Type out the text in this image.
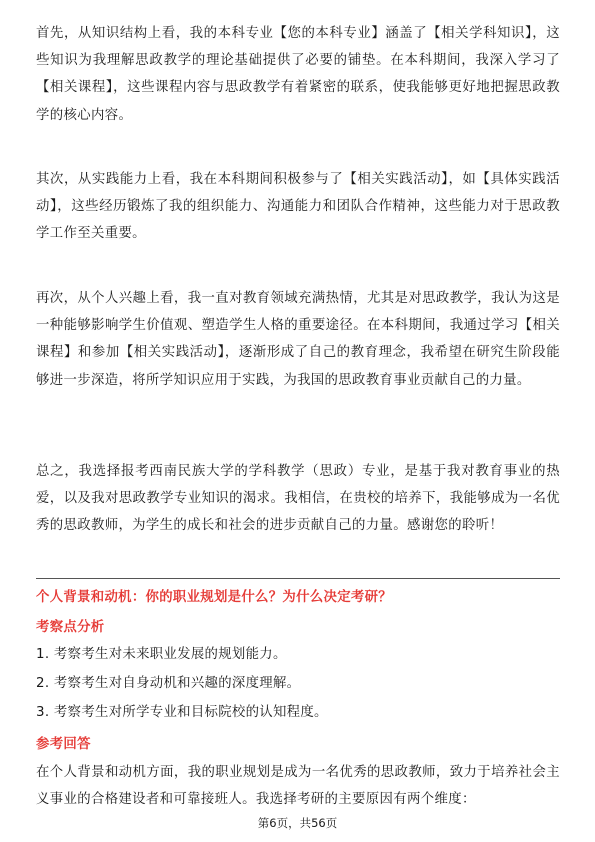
首先，从知识结构上看，我的本科专业【您的本科专业】涵盖了【相关学科知识】，这些知识为我理解思政教学的理论基础提供了必要的铺垫。在本科期间，我深入学习了【相关课程】，这些课程内容与思政教学有着紧密的联系，使我能够更好地把握思政教学的核心内容。

其次，从实践能力上看，我在本科期间积极参与了【相关实践活动】，如【具体实践活动】，这些经历锻炼了我的组织能力、沟通能力和团队合作精神，这些能力对于思政教学工作至关重要。

再次，从个人兴趣上看，我一直对教育领域充满热情，尤其是对思政教学，我认为这是一种能够影响学生价值观、塑造学生人格的重要途径。在本科期间，我通过学习【相关课程】和参加【相关实践活动】，逐渐形成了自己的教育理念，我希望在研究生阶段能够进一步深造，将所学知识应用于实践，为我国的思政教育事业贡献自己的力量。

总之，我选择报考西南民族大学的学科教学（思政）专业，是基于我对教育事业的热爱，以及我对思政教学专业知识的渴求。我相信，在贵校的培养下，我能够成为一名优秀的思政教师，为学生的成长和社会的进步贡献自己的力量。感谢您的聆听！

个人背景和动机：你的职业规划是什么？为什么决定考研？
考察点分析
1. 考察考生对未来职业发展的规划能力。
2. 考察考生对自身动机和兴趣的深度理解。
3. 考察考生对所学专业和目标院校的认知程度。
参考回答

在个人背景和动机方面，我的职业规划是成为一名优秀的思政教师，致力于培养社会主义事业的合格建设者和可靠接班人。我选择考研的主要原因有两个维度：

第6页，共56页
